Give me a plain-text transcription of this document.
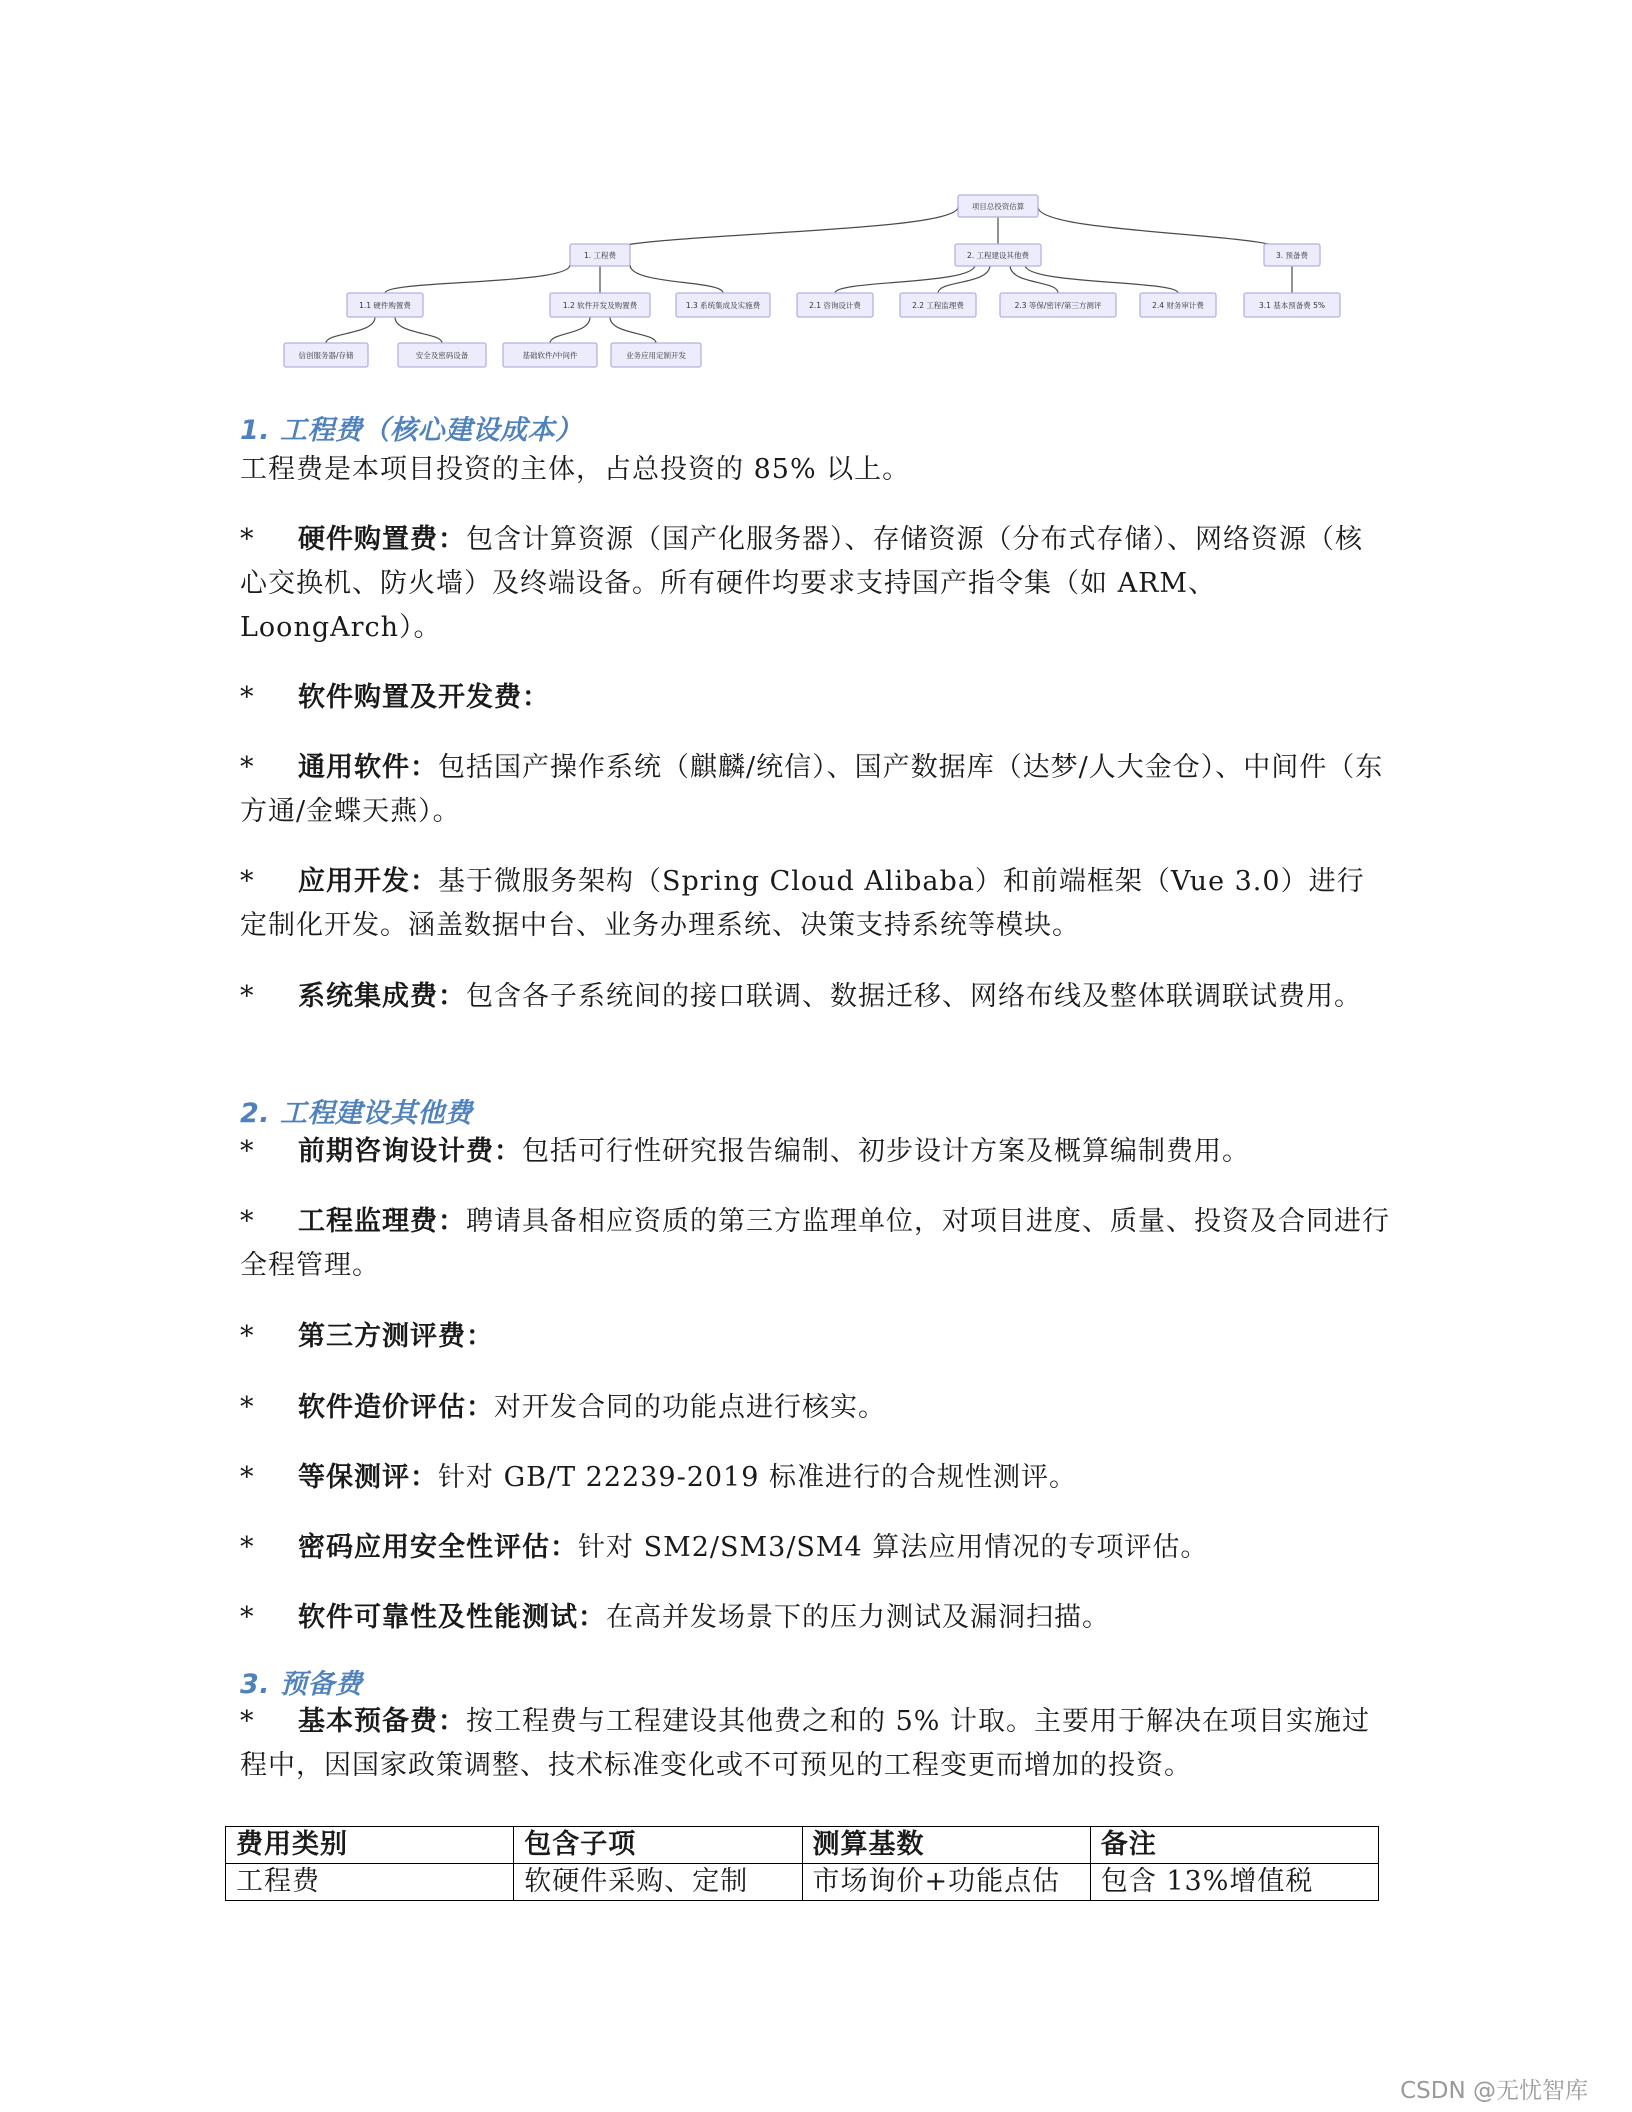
项目总投资估算
1. 工程费	2. 工程建设其他费	3. 预备费
1.1 硬件购置费	1.2 软件开发及购置费	1.3 系统集成及实施费	2.1 咨询设计费	2.2 工程监理费	2.3 等保/密评/第三方测评	2.4 财务审计费	3.1 基本预备费 5%
信创服务器/存储	安全及密码设备	基础软件/中间件	业务应用定制开发
1. 工程费（核心建设成本）

工程费是本项目投资的主体，占总投资的 85% 以上。

* 硬件购置费：包含计算资源（国产化服务器）、存储资源（分布式存储）、网络资源（核心交换机、防火墙）及终端设备。所有硬件均要求支持国产指令集（如 ARM、LoongArch）。

* 软件购置及开发费：

* 通用软件：包括国产操作系统（麒麟/统信）、国产数据库（达梦/人大金仓）、中间件（东方通/金蝶天燕）。

* 应用开发：基于微服务架构（Spring Cloud Alibaba）和前端框架（Vue 3.0）进行定制化开发。涵盖数据中台、业务办理系统、决策支持系统等模块。

* 系统集成费：包含各子系统间的接口联调、数据迁移、网络布线及整体联调联试费用。

2. 工程建设其他费

* 前期咨询设计费：包括可行性研究报告编制、初步设计方案及概算编制费用。

* 工程监理费：聘请具备相应资质的第三方监理单位，对项目进度、质量、投资及合同进行全程管理。

* 第三方测评费：

* 软件造价评估：对开发合同的功能点进行核实。

* 等保测评：针对 GB/T 22239-2019 标准进行的合规性测评。

* 密码应用安全性评估：针对 SM2/SM3/SM4 算法应用情况的专项评估。

* 软件可靠性及性能测试：在高并发场景下的压力测试及漏洞扫描。

3. 预备费

* 基本预备费：按工程费与工程建设其他费之和的 5% 计取。主要用于解决在项目实施过程中，因国家政策调整、技术标准变化或不可预见的工程变更而增加的投资。

费用类别	包含子项	测算基数	备注
工程费	软硬件采购、定制	市场询价+功能点估	包含 13%增值税
CSDN @无忧智库
